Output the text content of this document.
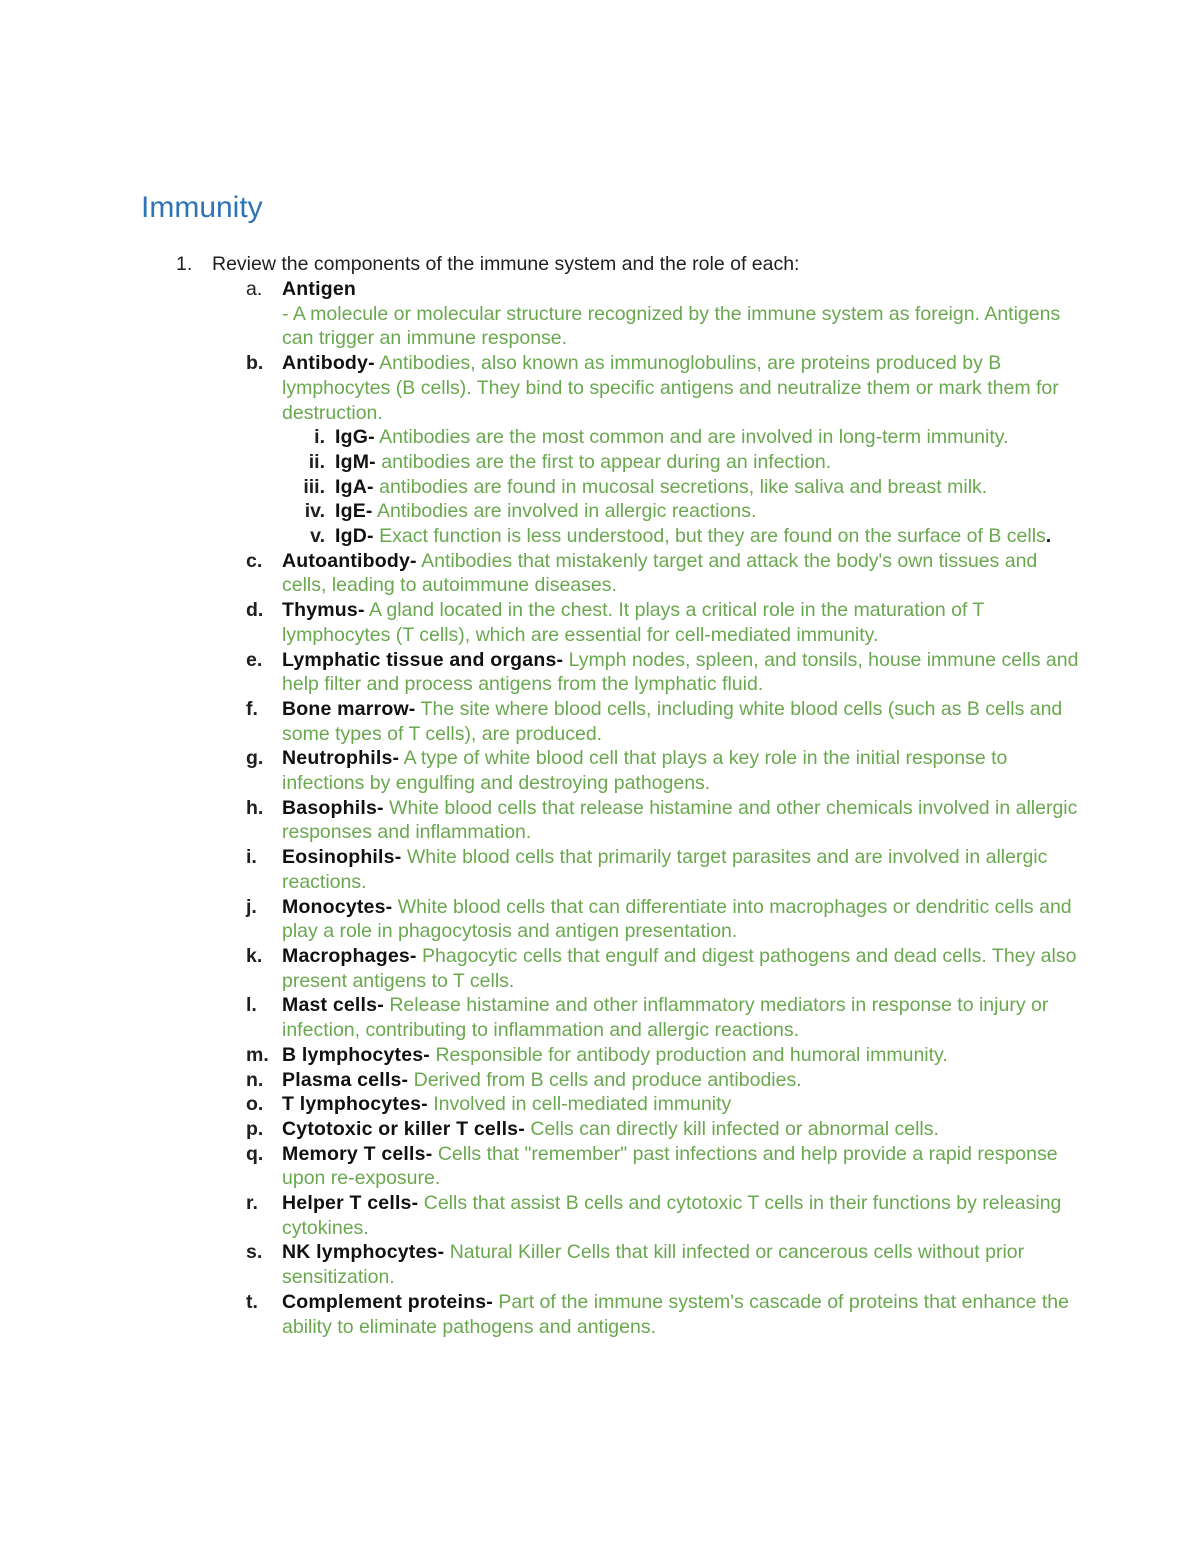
Immunity
1. Review the components of the immune system and the role of each:
a. Antigen
- A molecule or molecular structure recognized by the immune system as foreign. Antigens can trigger an immune response.
b. Antibody- Antibodies, also known as immunoglobulins, are proteins produced by B lymphocytes (B cells). They bind to specific antigens and neutralize them or mark them for destruction.
i. IgG- Antibodies are the most common and are involved in long-term immunity.
ii. IgM- antibodies are the first to appear during an infection.
iii. IgA- antibodies are found in mucosal secretions, like saliva and breast milk.
iv. IgE- Antibodies are involved in allergic reactions.
v. IgD- Exact function is less understood, but they are found on the surface of B cells.
c. Autoantibody- Antibodies that mistakenly target and attack the body's own tissues and cells, leading to autoimmune diseases.
d. Thymus- A gland located in the chest. It plays a critical role in the maturation of T lymphocytes (T cells), which are essential for cell-mediated immunity.
e. Lymphatic tissue and organs- Lymph nodes, spleen, and tonsils, house immune cells and help filter and process antigens from the lymphatic fluid.
f.	Bone marrow- The site where blood cells, including white blood cells (such as B cells and some types of T cells), are produced.
g. Neutrophils- A type of white blood cell that plays a key role in the initial response to infections by engulfing and destroying pathogens.
h. Basophils- White blood cells that release histamine and other chemicals involved in allergic responses and inflammation.
i.	Eosinophils- White blood cells that primarily target parasites and are involved in allergic reactions.
j.	Monocytes- White blood cells that can differentiate into macrophages or dendritic cells and play a role in phagocytosis and antigen presentation.
k. Macrophages- Phagocytic cells that engulf and digest pathogens and dead cells. They also present antigens to T cells.
l.	Mast cells- Release histamine and other inflammatory mediators in response to injury or infection, contributing to inflammation and allergic reactions.
m. B lymphocytes- Responsible for antibody production and humoral immunity.
n. Plasma cells- Derived from B cells and produce antibodies.
o. T lymphocytes- Involved in cell-mediated immunity
p. Cytotoxic or killer T cells- Cells can directly kill infected or abnormal cells.
q. Memory T cells- Cells that "remember" past infections and help provide a rapid response upon re-exposure.
r.	Helper T cells- Cells that assist B cells and cytotoxic T cells in their functions by releasing cytokines.
s. NK lymphocytes- Natural Killer Cells that kill infected or cancerous cells without prior sensitization.
t.	Complement proteins- Part of the immune system's cascade of proteins that enhance the ability to eliminate pathogens and antigens.
